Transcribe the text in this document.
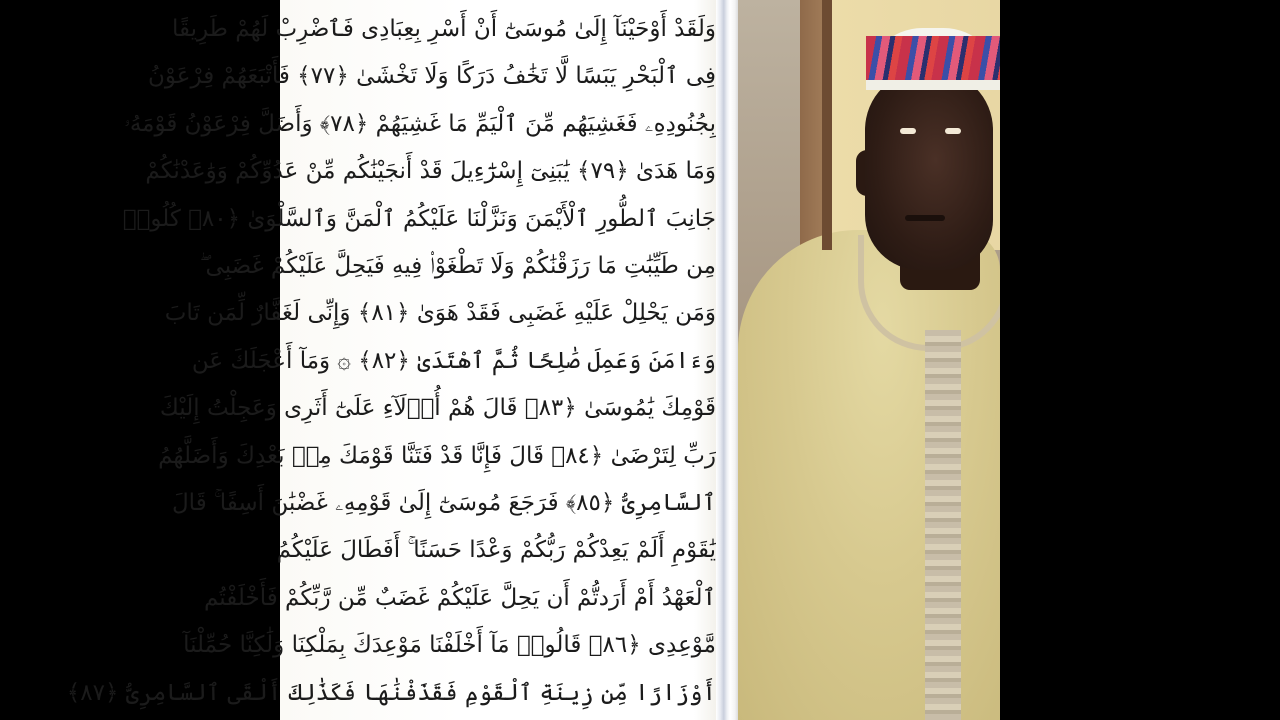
وَلَقَدْ أَوْحَيْنَآ إِلَىٰ مُوسَىٰٓ أَنْ أَسْرِ بِعِبَادِى فَٱضْرِبْ لَهُمْ طَرِيقًا
فِى ٱلْبَحْرِ يَبَسًا لَّا تَخَٰفُ دَرَكًا وَلَا تَخْشَىٰ ﴿٧٧﴾ فَأَتْبَعَهُمْ فِرْعَوْنُ
بِجُنُودِهِۦ فَغَشِيَهُم مِّنَ ٱلْيَمِّ مَا غَشِيَهُمْ ﴿٧٨﴾ وَأَضَلَّ فِرْعَوْنُ قَوْمَهُۥ
وَمَا هَدَىٰ ﴿٧٩﴾ يَٰبَنِىٓ إِسْرَٰٓءِيلَ قَدْ أَنجَيْنَٰكُم مِّنْ عَدُوِّكُمْ وَوَٰعَدْنَٰكُمْ
جَانِبَ ٱلطُّورِ ٱلْأَيْمَنَ وَنَزَّلْنَا عَلَيْكُمُ ٱلْمَنَّ وَٱلسَّلْوَىٰ ﴿٨٠﴾ كُلُوا۟
مِن طَيِّبَٰتِ مَا رَزَقْنَٰكُمْ وَلَا تَطْغَوْا۟ فِيهِ فَيَحِلَّ عَلَيْكُمْ غَضَبِى ۖ
وَمَن يَحْلِلْ عَلَيْهِ غَضَبِى فَقَدْ هَوَىٰ ﴿٨١﴾ وَإِنِّى لَغَفَّارٌ لِّمَن تَابَ
وَءَامَنَ وَعَمِلَ صَٰلِحًا ثُمَّ ٱهْتَدَىٰ ﴿٨٢﴾ ۞ وَمَآ أَعْجَلَكَ عَن
قَوْمِكَ يَٰمُوسَىٰ ﴿٨٣﴾ قَالَ هُمْ أُو۟لَآءِ عَلَىٰٓ أَثَرِى وَعَجِلْتُ إِلَيْكَ
رَبِّ لِتَرْضَىٰ ﴿٨٤﴾ قَالَ فَإِنَّا قَدْ فَتَنَّا قَوْمَكَ مِنۢ بَعْدِكَ وَأَضَلَّهُمُ
ٱلسَّامِرِىُّ ﴿٨٥﴾ فَرَجَعَ مُوسَىٰٓ إِلَىٰ قَوْمِهِۦ غَضْبَٰنَ أَسِفًا ۚ قَالَ
يَٰقَوْمِ أَلَمْ يَعِدْكُمْ رَبُّكُمْ وَعْدًا حَسَنًا ۚ أَفَطَالَ عَلَيْكُمُ
ٱلْعَهْدُ أَمْ أَرَدتُّمْ أَن يَحِلَّ عَلَيْكُمْ غَضَبٌ مِّن رَّبِّكُمْ فَأَخْلَفْتُم
مَّوْعِدِى ﴿٨٦﴾ قَالُوا۟ مَآ أَخْلَفْنَا مَوْعِدَكَ بِمَلْكِنَا وَلَٰكِنَّا حُمِّلْنَآ
أَوْزَارًا مِّن زِينَةِ ٱلْقَوْمِ فَقَذَفْنَٰهَا فَكَذَٰلِكَ أَلْقَى ٱلسَّامِرِىُّ ﴿٨٧﴾
